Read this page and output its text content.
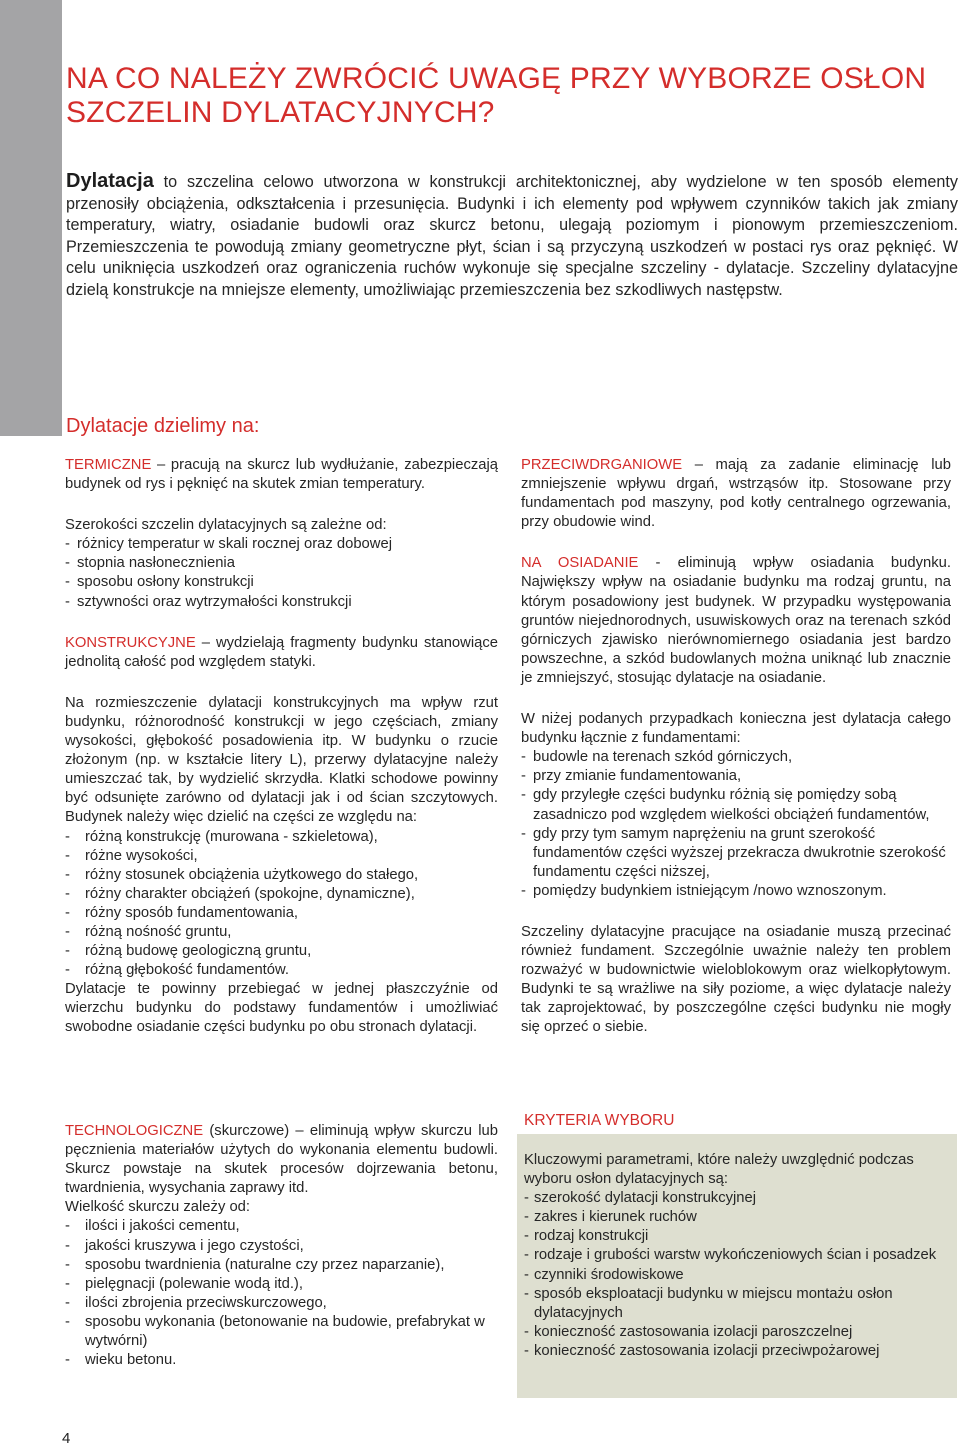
NA CO NALEŻY ZWRÓCIĆ UWAGĘ PRZY WYBORZE OSŁON SZCZELIN DYLATACYJNYCH?

Dylatacja to szczelina celowo utworzona w konstrukcji architektonicznej, aby wydzielone w ten sposób elementy przenosiły obciążenia, odkształcenia i przesunięcia. Budynki i ich elementy pod wpływem czynników takich jak zmiany temperatury, wiatry, osiadanie budowli oraz skurcz betonu, ulegają poziomym i pionowym przemieszczeniom. Przemieszczenia te powodują zmiany geometryczne płyt, ścian i są przyczyną uszkodzeń w postaci rys oraz pęknięć. W celu uniknięcia uszkodzeń oraz ograniczenia ruchów wykonuje się specjalne szczeliny - dylatacje. Szczeliny dylatacyjne dzielą konstrukcje na mniejsze elementy, umożliwiając przemieszczenia bez szkodliwych następstw.

Dylatacje dzielimy na:

TERMICZNE – pracują na skurcz lub wydłużanie, zabezpieczają budynek od rys i pęknięć na skutek zmian temperatury.

Szerokości szczelin dylatacyjnych są zależne od:

- różnicy temperatur w skali rocznej oraz dobowej
- stopnia nasłonecznienia
- sposobu osłony konstrukcji
- sztywności oraz wytrzymałości konstrukcji

KONSTRUKCYJNE – wydzielają fragmenty budynku stanowiące jednolitą całość pod względem statyki.

Na rozmieszczenie dylatacji konstrukcyjnych ma wpływ rzut budynku, różnorodność konstrukcji w jego częściach, zmiany wysokości, głębokość posadowienia itp. W budynku o rzucie złożonym (np. w kształcie litery L), przerwy dylatacyjne należy umieszczać tak, by wydzielić skrzydła. Klatki schodowe powinny być odsunięte zarówno od dylatacji jak i od ścian szczytowych. Budynek należy więc dzielić na części ze względu na:

- różną konstrukcję (murowana - szkieletowa),
- różne wysokości,
- różny stosunek obciążenia użytkowego do stałego,
- różny charakter obciążeń (spokojne, dynamiczne),
- różny sposób fundamentowania,
- różną nośność gruntu,
- różną budowę geologiczną gruntu,
- różną głębokość fundamentów.

Dylatacje te powinny przebiegać w jednej płaszczyźnie od wierzchu budynku do podstawy fundamentów i umożliwiać swobodne osiadanie części budynku po obu stronach dylatacji.

PRZECIWDRGANIOWE – mają za zadanie eliminację lub zmniejszenie wpływu drgań, wstrząsów itp. Stosowane przy fundamentach pod maszyny, pod kotły centralnego ogrzewania, przy obudowie wind.

NA OSIADANIE - eliminują wpływ osiadania budynku. Największy wpływ na osiadanie budynku ma rodzaj gruntu, na którym posadowiony jest budynek. W przypadku występowania gruntów niejednorodnych, usuwiskowych oraz na terenach szkód górniczych zjawisko nierównomiernego osiadania jest bardzo powszechne, a szkód budowlanych można uniknąć lub znacznie je zmniejszyć, stosując dylatacje na osiadanie.

W niżej podanych przypadkach konieczna jest dylatacja całego budynku łącznie z fundamentami:

- budowle na terenach szkód górniczych,
- przy zmianie fundamentowania,
- gdy przyległe części budynku różnią się pomiędzy sobą zasadniczo pod względem wielkości obciążeń fundamentów,
- gdy przy tym samym naprężeniu na grunt szerokość fundamentów części wyższej przekracza dwukrotnie szerokość fundamentu części niższej,
- pomiędzy budynkiem istniejącym /nowo wznoszonym.

Szczeliny dylatacyjne pracujące na osiadanie muszą przecinać również fundament. Szczególnie uważnie należy ten problem rozważyć w budownictwie wieloblokowym oraz wielkopłytowym. Budynki te są wrażliwe na siły poziome, a więc dylatacje należy tak zaprojektować, by poszczególne części budynku nie mogły się oprzeć o siebie.

TECHNOLOGICZNE (skurczowe) – eliminują wpływ skurczu lub pęcznienia materiałów użytych do wykonania elementu budowli. Skurcz powstaje na skutek procesów dojrzewania betonu, twardnienia, wysychania zaprawy itd.

Wielkość skurczu zależy od:

- ilości i jakości cementu,
- jakości kruszywa i jego czystości,
- sposobu twardnienia (naturalne czy przez naparzanie),
- pielęgnacji (polewanie wodą itd.),
- ilości zbrojenia przeciwskurczowego,
- sposobu wykonania (betonowanie na budowie, prefabrykat w wytwórni)
- wieku betonu.
KRYTERIA WYBORU

Kluczowymi parametrami, które należy uwzględnić podczas wyboru osłon dylatacyjnych są:

- szerokość dylatacji konstrukcyjnej
- zakres i kierunek ruchów
- rodzaj konstrukcji
- rodzaje i grubości warstw wykończeniowych ścian i posadzek
- czynniki środowiskowe
- sposób eksploatacji budynku w miejscu montażu osłon dylatacyjnych
- konieczność zastosowania izolacji paroszczelnej
- konieczność zastosowania izolacji przeciwpożarowej
4
